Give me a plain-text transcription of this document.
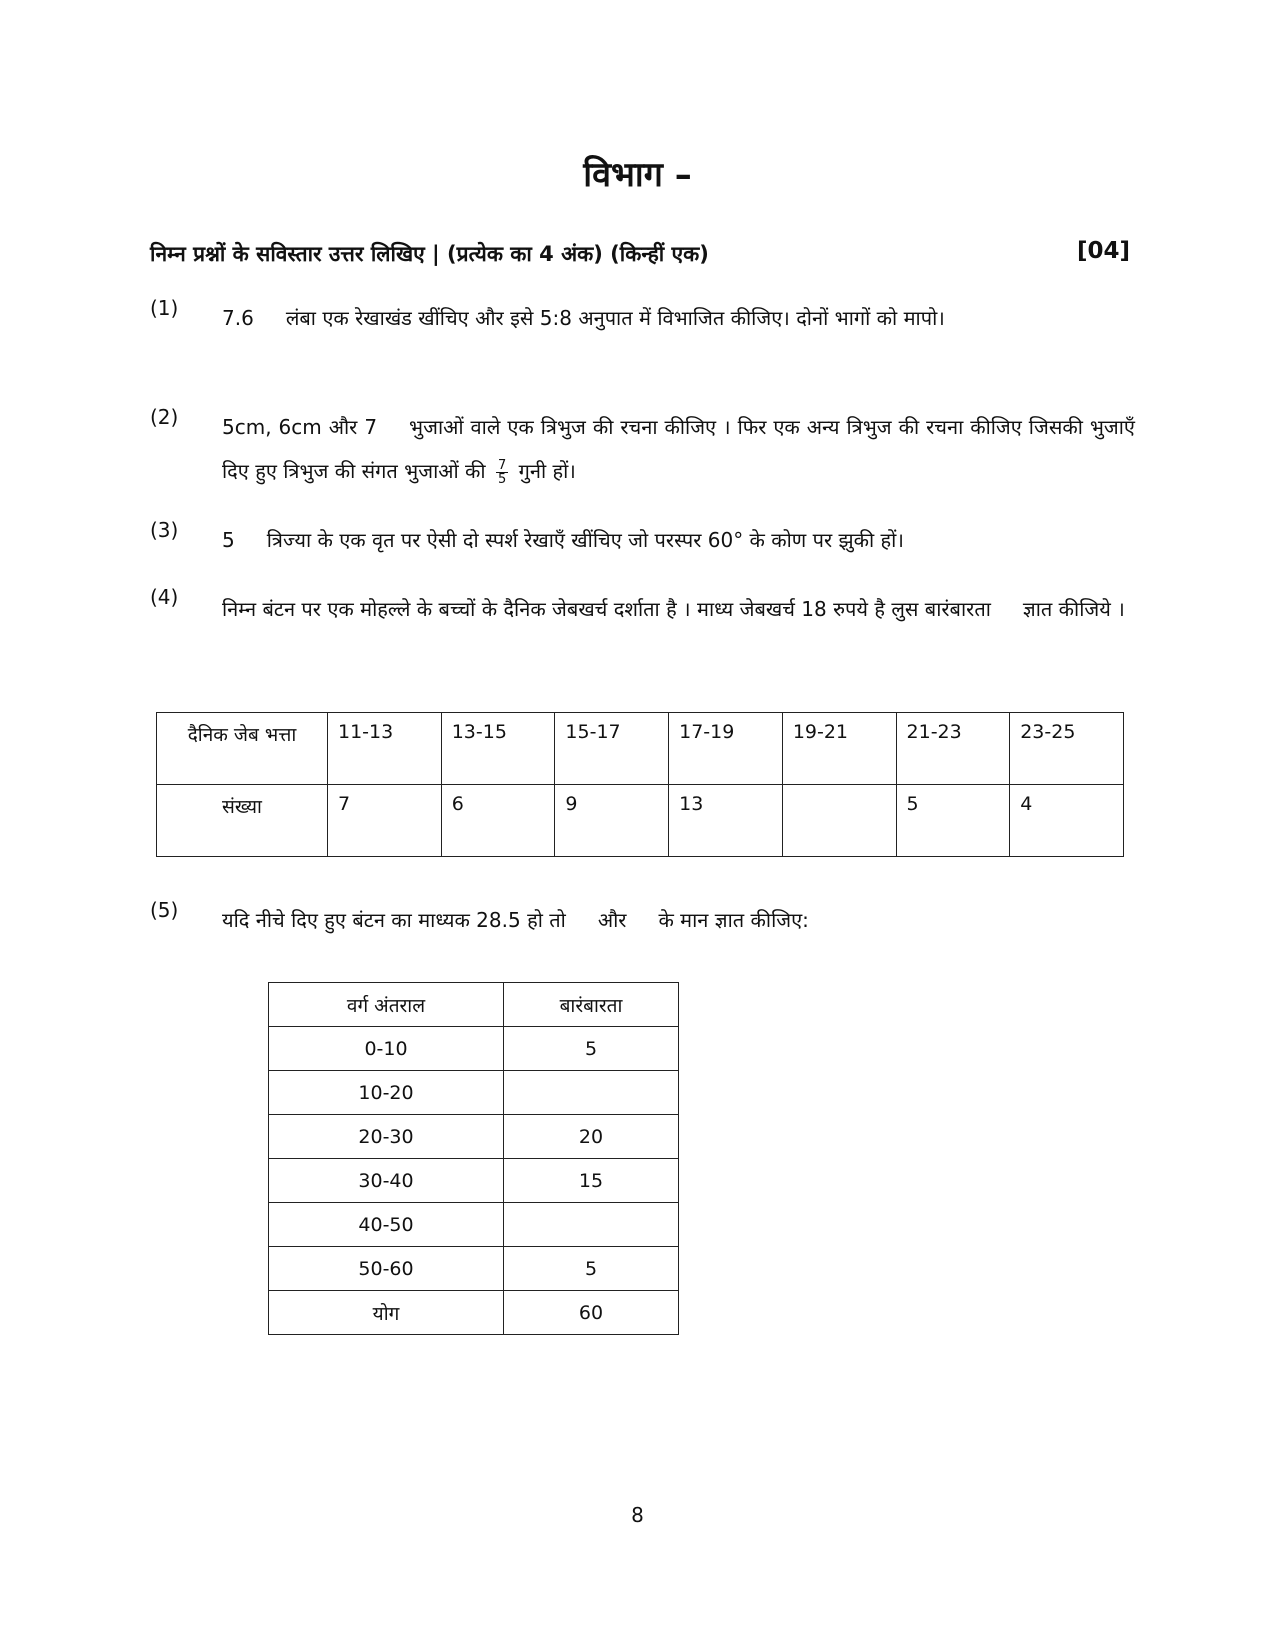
विभाग –
निम्न प्रश्नों के सविस्तार उत्तर लिखिए | (प्रत्येक का 4 अंक) (किन्हीं एक)	[04]
(1)	7.6 लंबा एक रेखाखंड खींचिए और इसे 5:8 अनुपात में विभाजित कीजिए। दोनों भागों को मापो।
(2)	5cm, 6cm और 7 भुजाओं वाले एक त्रिभुज की रचना कीजिए । फिर एक अन्य त्रिभुज की रचना कीजिए जिसकी भुजाएँ दिए हुए त्रिभुज की संगत भुजाओं की $\frac{7}{5}$ गुनी हों।
(3)	5 त्रिज्या के एक वृत पर ऐसी दो स्पर्श रेखाएँ खींचिए जो परस्पर 60° के कोण पर झुकी हों।
(4)	निम्न बंटन पर एक मोहल्ले के बच्चों के दैनिक जेबखर्च दर्शाता है । माध्य जेबखर्च 18 रुपये है लुस बारंबारता ज्ञात कीजिये ।
दैनिक जेब भत्ता	11-13	13-15	15-17	17-19	19-21	21-23	23-25
संख्या	7	6	9	13		5	4
(5)	यदि नीचे दिए हुए बंटन का माध्यक 28.5 हो तो और के मान ज्ञात कीजिए:
वर्ग अंतराल	बारंबारता
0-10	5
10-20	
20-30	20
30-40	15
40-50	
50-60	5
योग	60
8
